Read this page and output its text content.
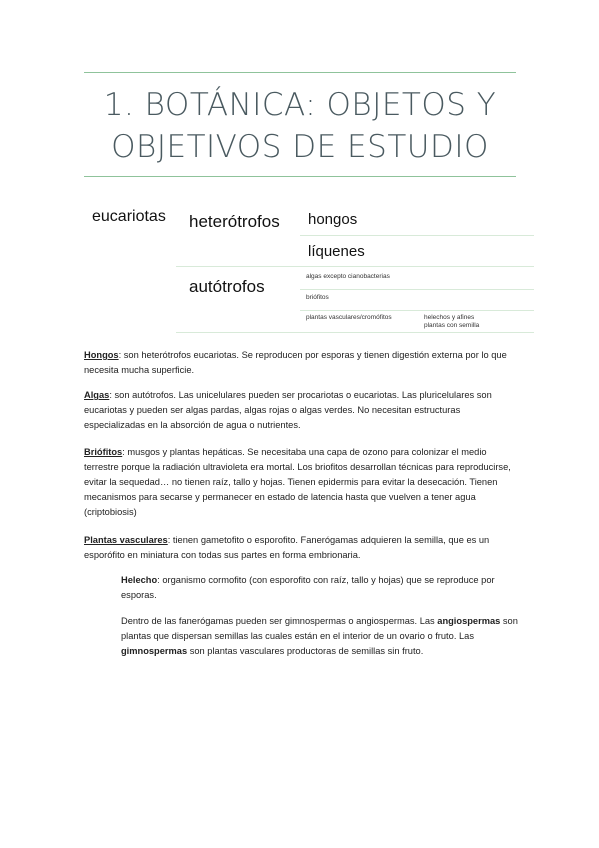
1. BOTÁNICA: OBJETOS Y
OBJETIVOS DE ESTUDIO
eucariotas heterótrofos hongos
líquenes
autótrofos
algas excepto cianobacterias
briófitos
plantas vasculares/cromófitos	helechos y afines
plantas con semilla

Hongos: son heterótrofos eucariotas. Se reproducen por esporas y tienen digestión externa por lo que necesita mucha superficie.

Algas: son autótrofos. Las unicelulares pueden ser procariotas o eucariotas. Las pluricelulares son eucariotas y pueden ser algas pardas, algas rojas o algas verdes. No necesitan estructuras especializadas en la absorción de agua o nutrientes.

Briófitos: musgos y plantas hepáticas. Se necesitaba una capa de ozono para colonizar el medio terrestre porque la radiación ultravioleta era mortal. Los briofitos desarrollan técnicas para reproducirse, evitar la sequedad… no tienen raíz, tallo y hojas. Tienen epidermis para evitar la desecación. Tienen mecanismos para secarse y permanecer en estado de latencia hasta que vuelven a tener agua (criptobiosis)

Plantas vasculares: tienen gametofito o esporofito. Fanerógamas adquieren la semilla, que es un esporófito en miniatura con todas sus partes en forma embrionaria.

Helecho: organismo cormofito (con esporofito con raíz, tallo y hojas) que se reproduce por esporas.

Dentro de las fanerógamas pueden ser gimnospermas o angiospermas. Las angiospermas son plantas que dispersan semillas las cuales están en el interior de un ovario o fruto. Las gimnospermas son plantas vasculares productoras de semillas sin fruto.
